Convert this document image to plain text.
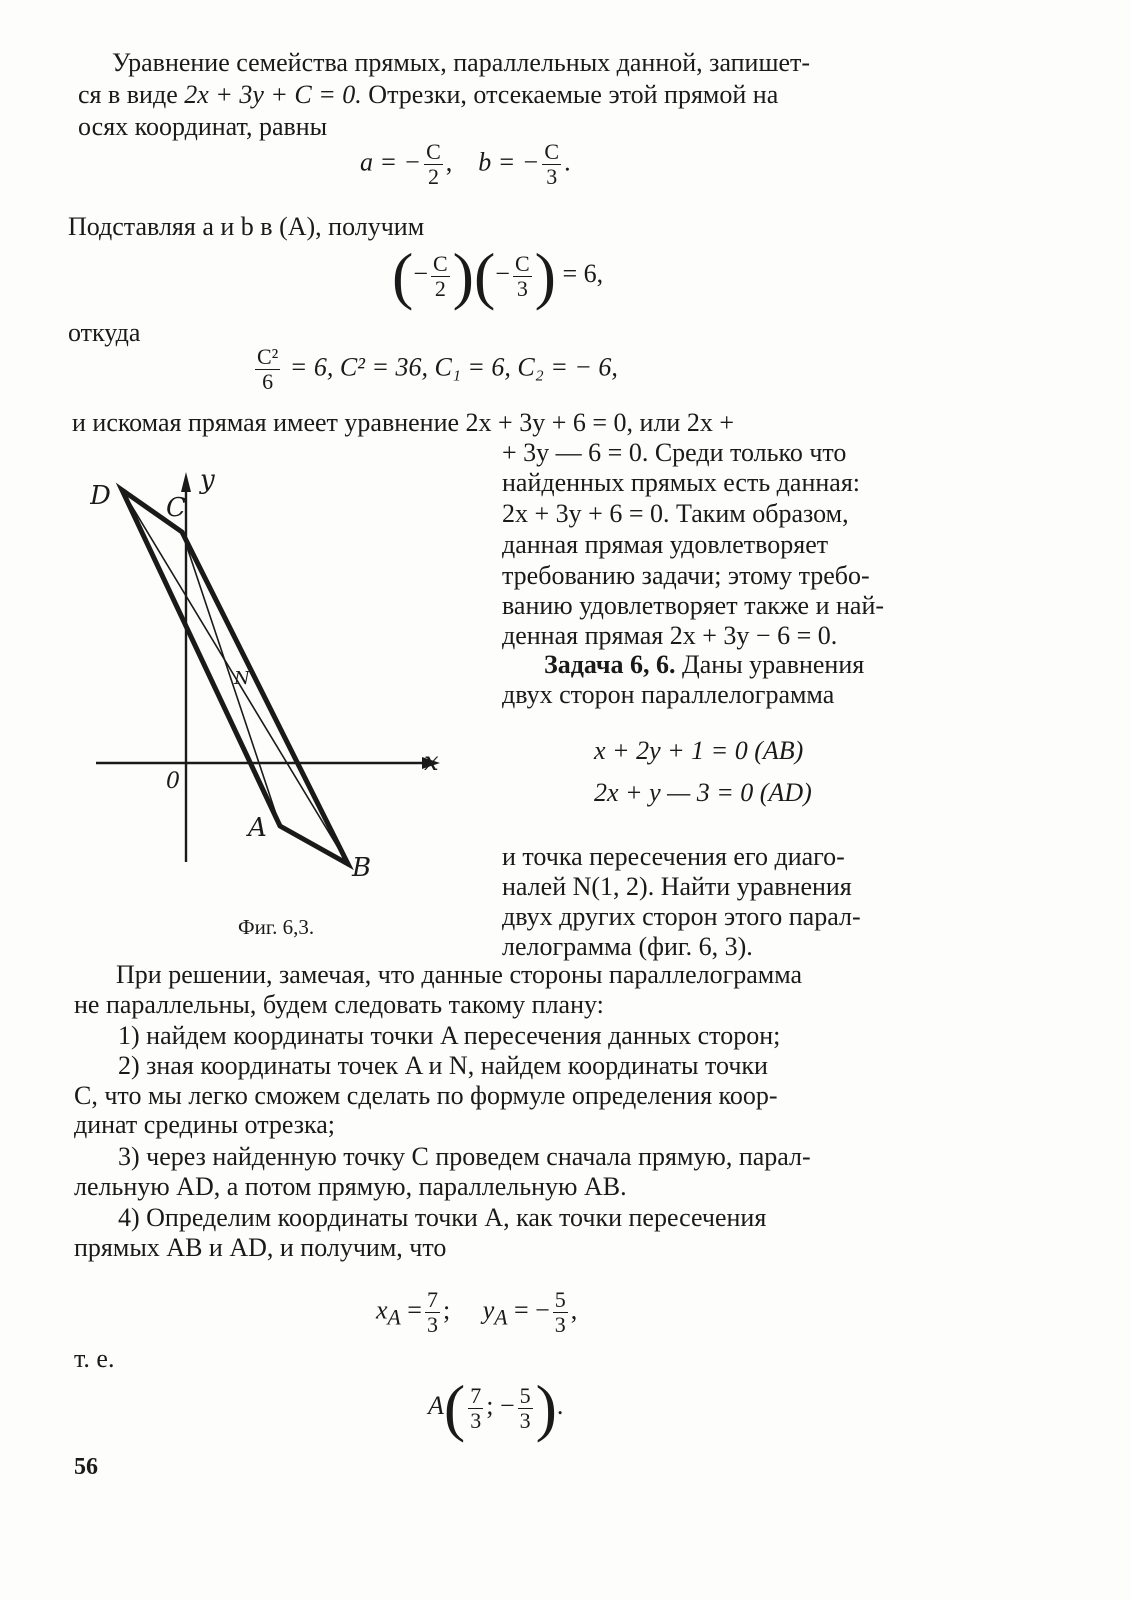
Уравнение семейства прямых, параллельных данной, запишет-
ся в виде 2x + 3y + C = 0. Отрезки, отсекаемые этой прямой на
осях координат, равны
a = − $\frac{C}{2}$ , b = − $\frac{C}{3}$ .
Подставляя a и b в (A), получим
(− $\frac{C}{2}$ )(− $\frac{C}{3}$ ) = 6,
откуда
$\frac{\text{C²}}{6} = 6$, C² = 36, C₁ = 6, C₂ = − 6,
и искомая прямая имеет уравнение 2x + 3y + 6 = 0, или 2x +
+ 3y — 6 = 0. Среди только что
найденных прямых есть данная:
2x + 3y + 6 = 0. Таким образом,
данная прямая удовлетворяет
требованию задачи; этому требо-
ванию удовлетворяет также и най-
денная прямая 2x + 3y − 6 = 0.
Задача 6, 6. Даны уравнения
двух сторон параллелограмма
x + 2y + 1 = 0 (AB)
2x + y — 3 = 0 (AD)
и точка пересечения его диаго-
налей N(1, 2). Найти уравнения
двух других сторон этого парал-
лелограмма (фиг. 6, 3).
D C
y
x
0
N
A
B
Фиг. 6,3.
При решении, замечая, что данные стороны параллелограмма
не параллельны, будем следовать такому плану:
1) найдем координаты точки A пересечения данных сторон;
2) зная координаты точек A и N, найдем координаты точки
C, что мы легко сможем сделать по формуле определения коор-
динат средины отрезка;
3) через найденную точку C проведем сначала прямую, парал-
лельную AD, а потом прямую, параллельную AB.
4) Определим координаты точки A, как точки пересечения
прямых AB и AD, и получим, что
$x_A = \frac{7}{3}$ ; $y_A$ = − $\frac{5}{3}$ ,
т. е.
$A( \frac{7}{3}$ ; − $\frac{5}{3}$ ).
56
